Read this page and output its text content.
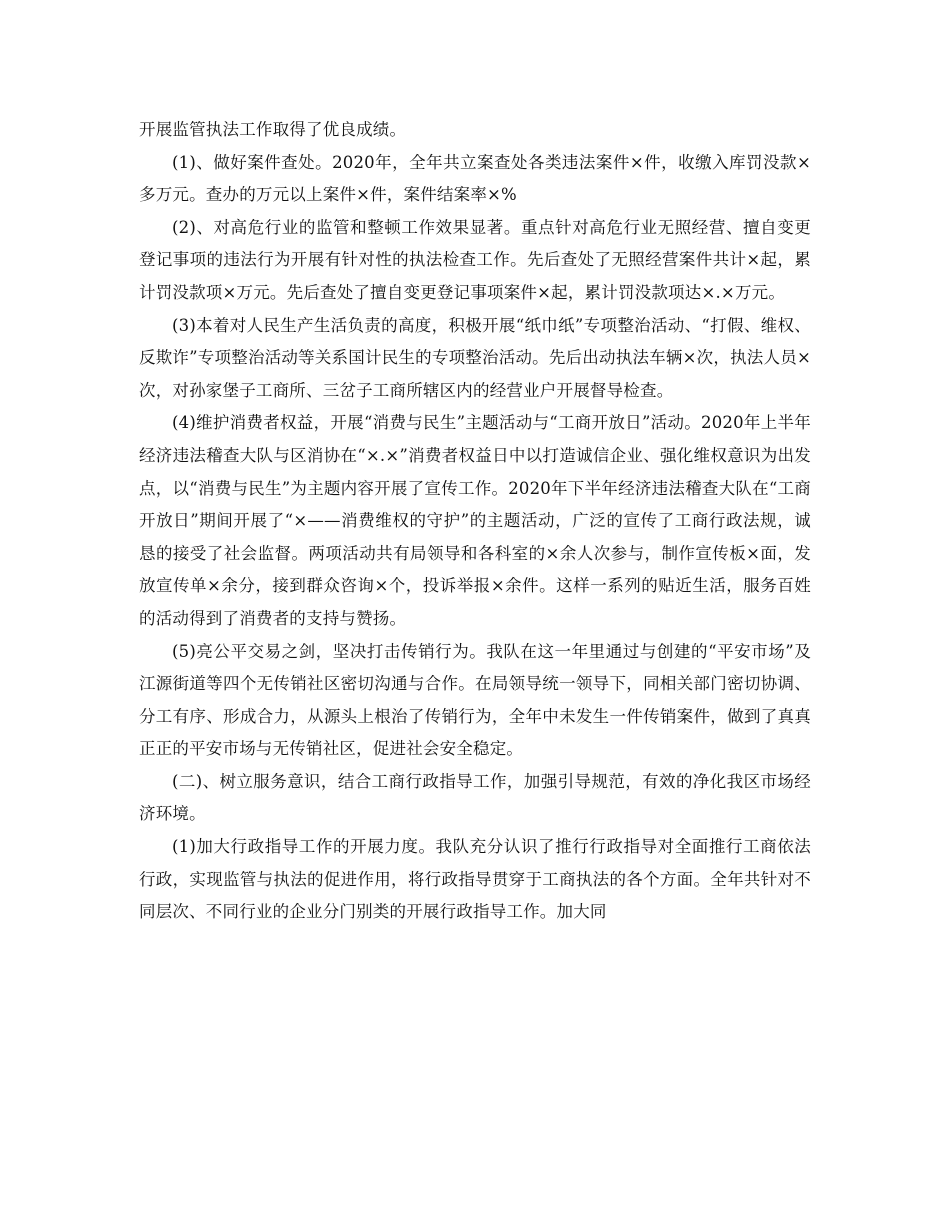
开展监管执法工作取得了优良成绩。

(1)、做好案件查处。2020年，全年共立案查处各类违法案件×件，收缴入库罚没款×多万元。查办的万元以上案件×件，案件结案率×%

(2)、对高危行业的监管和整顿工作效果显著。重点针对高危行业无照经营、擅自变更登记事项的违法行为开展有针对性的执法检查工作。先后查处了无照经营案件共计×起，累计罚没款项×万元。先后查处了擅自变更登记事项案件×起，累计罚没款项达×.×万元。

(3)本着对人民生产生活负责的高度，积极开展“纸巾纸”专项整治活动、“打假、维权、反欺诈”专项整治活动等关系国计民生的专项整治活动。先后出动执法车辆×次，执法人员×次，对孙家堡子工商所、三岔子工商所辖区内的经营业户开展督导检查。

(4)维护消费者权益，开展“消费与民生”主题活动与“工商开放日”活动。2020年上半年经济违法稽查大队与区消协在“×.×”消费者权益日中以打造诚信企业、强化维权意识为出发点，以“消费与民生”为主题内容开展了宣传工作。2020年下半年经济违法稽查大队在“工商开放日”期间开展了“×——消费维权的守护”的主题活动，广泛的宣传了工商行政法规，诚恳的接受了社会监督。两项活动共有局领导和各科室的×余人次参与，制作宣传板×面，发放宣传单×余分，接到群众咨询×个，投诉举报×余件。这样一系列的贴近生活，服务百姓的活动得到了消费者的支持与赞扬。

(5)亮公平交易之剑，坚决打击传销行为。我队在这一年里通过与创建的“平安市场”及江源街道等四个无传销社区密切沟通与合作。在局领导统一领导下，同相关部门密切协调、分工有序、形成合力，从源头上根治了传销行为，全年中未发生一件传销案件，做到了真真正正的平安市场与无传销社区，促进社会安全稳定。

(二)、树立服务意识，结合工商行政指导工作，加强引导规范，有效的净化我区市场经济环境。

(1)加大行政指导工作的开展力度。我队充分认识了推行行政指导对全面推行工商依法行政，实现监管与执法的促进作用，将行政指导贯穿于工商执法的各个方面。全年共针对不同层次、不同行业的企业分门别类的开展行政指导工作。加大同
